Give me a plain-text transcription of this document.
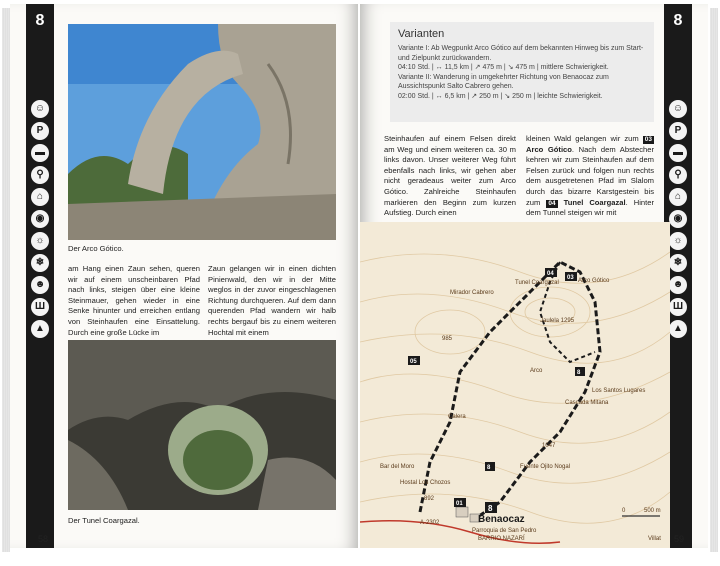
8
☺
P
▬
⚲
⌂
◉
☼
❄
☻
Ш
▲
Der Arco Gótico.
am Hang einen Zaun sehen, queren wir auf einem unscheinbaren Pfad nach links, steigen über eine kleine Steinmauer, gehen wieder in eine Senke hinunter und erreichen entlang von Steinhaufen eine Einsattelung. Durch eine große Lücke im
Zaun gelangen wir in einen dichten Pinienwald, den wir in der Mitte weglos in der zuvor eingeschlagenen Richtung durchqueren. Auf dem dann querenden Pfad wandern wir halb rechts bergauf bis zu einem weiteren Hochtal mit einem
Der Tunel Coargazal.
58
8
☺
P
▬
⚲
⌂
◉
☼
❄
☻
Ш
▲
Varianten
Variante I: Ab Wegpunkt Arco Gótico auf dem bekannten Hinweg bis zum Start- und Zielpunkt zurückwandern.
04:10 Std. | ↔ 11,5 km | ↗ 475 m | ↘ 475 m | mittlere Schwierigkeit.
Variante II: Wanderung in umgekehrter Richtung von Benaocaz zum Aussichtspunkt Salto Cabrero gehen.
02:00 Std. | ↔ 6,5 km | ↗ 250 m | ↘ 250 m | leichte Schwierigkeit.
Steinhaufen auf einem Felsen direkt am Weg und einem weiteren ca. 30 m links davon. Unser weiterer Weg führt ebenfalls nach links, wir gehen aber nicht geradeaus weiter zum Arco Gótico. Zahlreiche Steinhaufen markieren den Beginn zum kurzen Aufstieg. Durch einen
kleinen Wald gelangen wir zum 03 Arco Gótico. Nach dem Abstecher kehren wir zum Steinhaufen auf dem Felsen zurück und folgen nun rechts dem ausgetretenen Pfad im Slalom durch das bizarre Karstgestein bis zum 04 Tunel Coargazal. Hinter dem Tunnel steigen wir mit
04
03
05
01
8
8
8
Mirador Cabrero
Tunel Coargazal	Arco Gótico
Jaulela 1295
Arco
Los Santos Lugares
Cascada Mitana
Calera
Fuente Ojito Nogal
Benaocaz
Parroquia de San Pedro
BARRIO NAZARÍ
Hostal Los Chozos
Bar del Moro
Villat
985
1047
892
A-2302
0	500 m
59
